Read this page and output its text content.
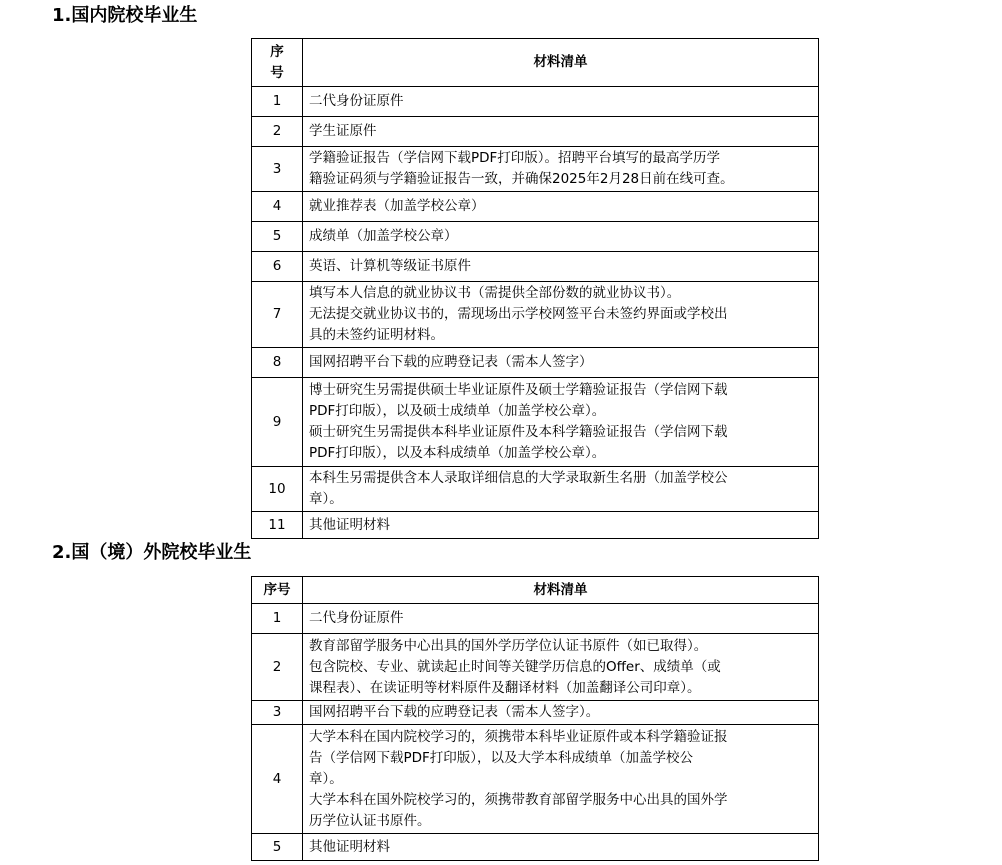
1.国内院校毕业生
序
号	材料清单
1	二代身份证原件

2	学生证原件

3	学籍验证报告（学信网下载PDF打印版）。招聘平台填写的最高学历学
籍验证码须与学籍验证报告一致，并确保2025年2月28日前在线可查。

4	就业推荐表（加盖学校公章）

5	成绩单（加盖学校公章）

6	英语、计算机等级证书原件

7	填写本人信息的就业协议书（需提供全部份数的就业协议书）。
无法提交就业协议书的，需现场出示学校网签平台未签约界面或学校出
具的未签约证明材料。

8	国网招聘平台下载的应聘登记表（需本人签字）

9	博士研究生另需提供硕士毕业证原件及硕士学籍验证报告（学信网下载
PDF打印版），以及硕士成绩单（加盖学校公章）。
硕士研究生另需提供本科毕业证原件及本科学籍验证报告（学信网下载
PDF打印版），以及本科成绩单（加盖学校公章）。

10	本科生另需提供含本人录取详细信息的大学录取新生名册（加盖学校公
章）。

11	其他证明材料
2.国（境）外院校毕业生
序号	材料清单
1	二代身份证原件

2	教育部留学服务中心出具的国外学历学位认证书原件（如已取得）。
包含院校、专业、就读起止时间等关键学历信息的Offer、成绩单（或
课程表）、在读证明等材料原件及翻译材料（加盖翻译公司印章）。

3	国网招聘平台下载的应聘登记表（需本人签字）。

4	大学本科在国内院校学习的，须携带本科毕业证原件或本科学籍验证报
告（学信网下载PDF打印版），以及大学本科成绩单（加盖学校公
章）。
大学本科在国外院校学习的，须携带教育部留学服务中心出具的国外学
历学位认证书原件。

5	其他证明材料
